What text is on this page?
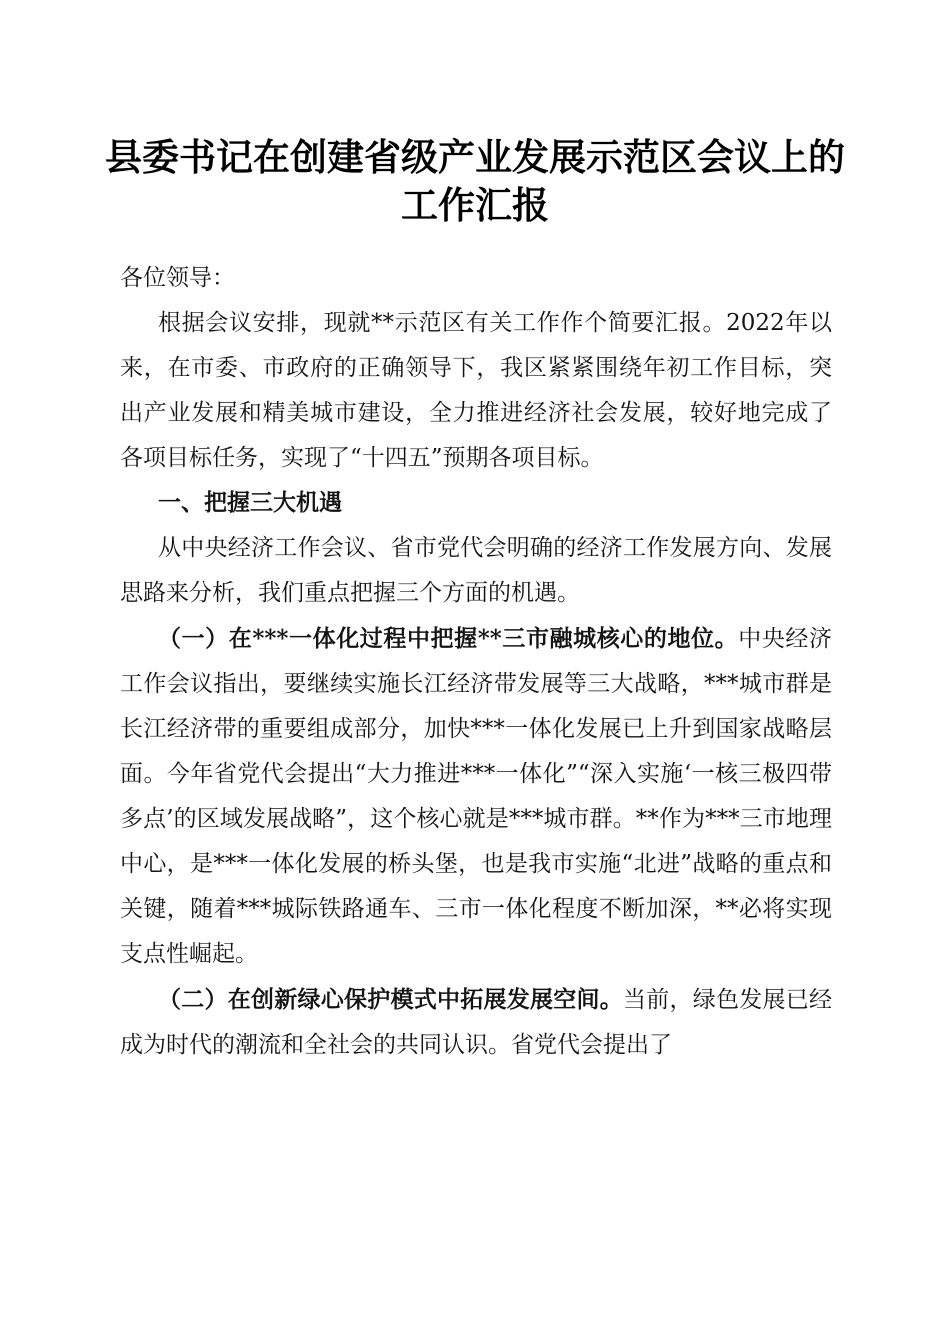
县委书记在创建省级产业发展示范区会议上的
工作汇报

各位领导：

根据会议安排，现就**示范区有关工作作个简要汇报。2022年以来，在市委、市政府的正确领导下，我区紧紧围绕年初工作目标，突出产业发展和精美城市建设，全力推进经济社会发展，较好地完成了各项目标任务，实现了“十四五”预期各项目标。

一、把握三大机遇

从中央经济工作会议、省市党代会明确的经济工作发展方向、发展思路来分析，我们重点把握三个方面的机遇。

（一）在***一体化过程中把握**三市融城核心的地位。中央经济工作会议指出，要继续实施长江经济带发展等三大战略，***城市群是长江经济带的重要组成部分，加快***一体化发展已上升到国家战略层面。今年省党代会提出“大力推进***一体化”“深入实施‘一核三极四带多点’的区域发展战略”，这个核心就是***城市群。**作为***三市地理中心，是***一体化发展的桥头堡，也是我市实施“北进”战略的重点和关键，随着***城际铁路通车、三市一体化程度不断加深，**必将实现支点性崛起。

（二）在创新绿心保护模式中拓展发展空间。当前，绿色发展已经成为时代的潮流和全社会的共同认识。省党代会提出了
